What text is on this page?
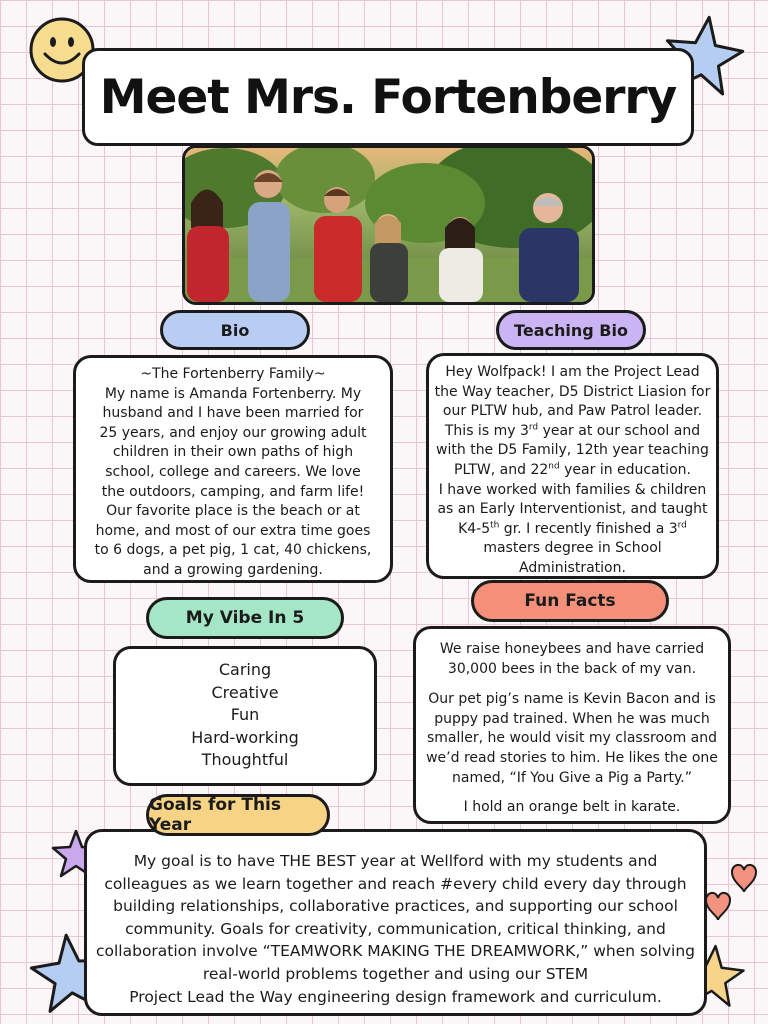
Meet Mrs. Fortenberry
Bio

~The Fortenberry Family~

My name is Amanda Fortenberry. My

husband and I have been married for

25 years, and enjoy our growing adult

children in their own paths of high

school, college and careers. We love

the outdoors, camping, and farm life!

Our favorite place is the beach or at

home, and most of our extra time goes

to 6 dogs, a pet pig, 1 cat, 40 chickens,

and a growing gardening.

Teaching Bio

Hey Wolfpack! I am the Project Lead

the Way teacher, D5 District Liasion for

our PLTW hub, and Paw Patrol leader.

This is my 3rd year at our school and

with the D5 Family, 12th year teaching

PLTW, and 22nd year in education.

I have worked with families & children

as an Early Interventionist, and taught

K4-5th gr. I recently finished a 3rd

masters degree in School

Administration.

My Vibe In 5
Caring
Creative
Fun
Hard-working
Thoughtful
Fun Facts

We raise honeybees and have carried

30,000 bees in the back of my van.

Our pet pig’s name is Kevin Bacon and is

puppy pad trained. When he was much

smaller, he would visit my classroom and

we’d read stories to him. He likes the one

named, “If You Give a Pig a Party.”

I hold an orange belt in karate.

My goal is to have THE BEST year at Wellford with my students and
colleagues as we learn together and reach #every child every day through
building relationships, collaborative practices, and supporting our school
community. Goals for creativity, communication, critical thinking, and
collaboration involve “TEAMWORK MAKING THE DREAMWORK,” when solving
real-world problems together and using our STEM
Project Lead the Way engineering design framework and curriculum.
Goals for This Year
